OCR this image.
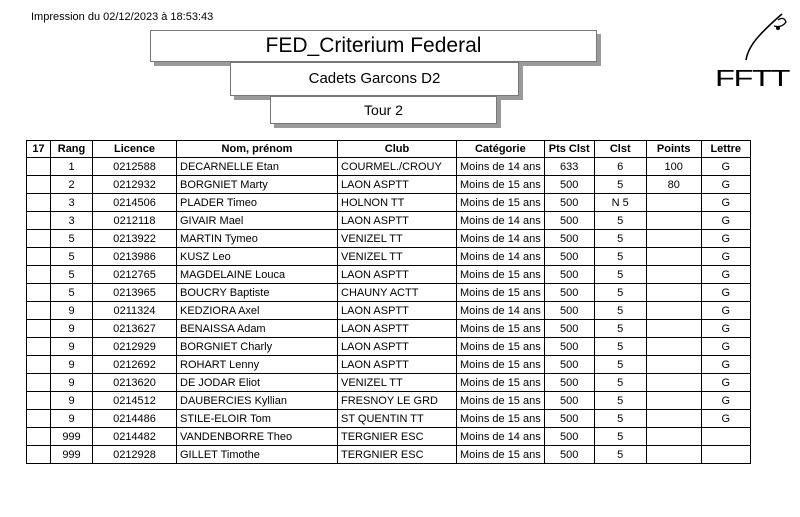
Impression du 02/12/2023 à 18:53:43
FED_Criterium Federal
Cadets Garcons D2
Tour 2
FFTT
17	Rang	Licence	Nom, prénom	Club	Catégorie	Pts Clst	Clst	Points	Lettre
	1	0212588	DECARNELLE Etan	COURMEL./CROUY	Moins de 14 ans	633	6	100	G
	2	0212932	BORGNIET Marty	LAON ASPTT	Moins de 15 ans	500	5	80	G
	3	0214506	PLADER Timeo	HOLNON TT	Moins de 15 ans	500	N 5		G
	3	0212118	GIVAIR Mael	LAON ASPTT	Moins de 14 ans	500	5		G
	5	0213922	MARTIN Tymeo	VENIZEL TT	Moins de 14 ans	500	5		G
	5	0213986	KUSZ Leo	VENIZEL TT	Moins de 14 ans	500	5		G
	5	0212765	MAGDELAINE Louca	LAON ASPTT	Moins de 15 ans	500	5		G
	5	0213965	BOUCRY Baptiste	CHAUNY ACTT	Moins de 15 ans	500	5		G
	9	0211324	KEDZIORA Axel	LAON ASPTT	Moins de 14 ans	500	5		G
	9	0213627	BENAISSA Adam	LAON ASPTT	Moins de 15 ans	500	5		G
	9	0212929	BORGNIET Charly	LAON ASPTT	Moins de 15 ans	500	5		G
	9	0212692	ROHART Lenny	LAON ASPTT	Moins de 15 ans	500	5		G
	9	0213620	DE JODAR Eliot	VENIZEL TT	Moins de 15 ans	500	5		G
	9	0214512	DAUBERCIES Kyllian	FRESNOY LE GRD	Moins de 15 ans	500	5		G
	9	0214486	STILE-ELOIR Tom	ST QUENTIN TT	Moins de 15 ans	500	5		G
	999	0214482	VANDENBORRE Theo	TERGNIER ESC	Moins de 14 ans	500	5		
	999	0212928	GILLET Timothe	TERGNIER ESC	Moins de 15 ans	500	5		
